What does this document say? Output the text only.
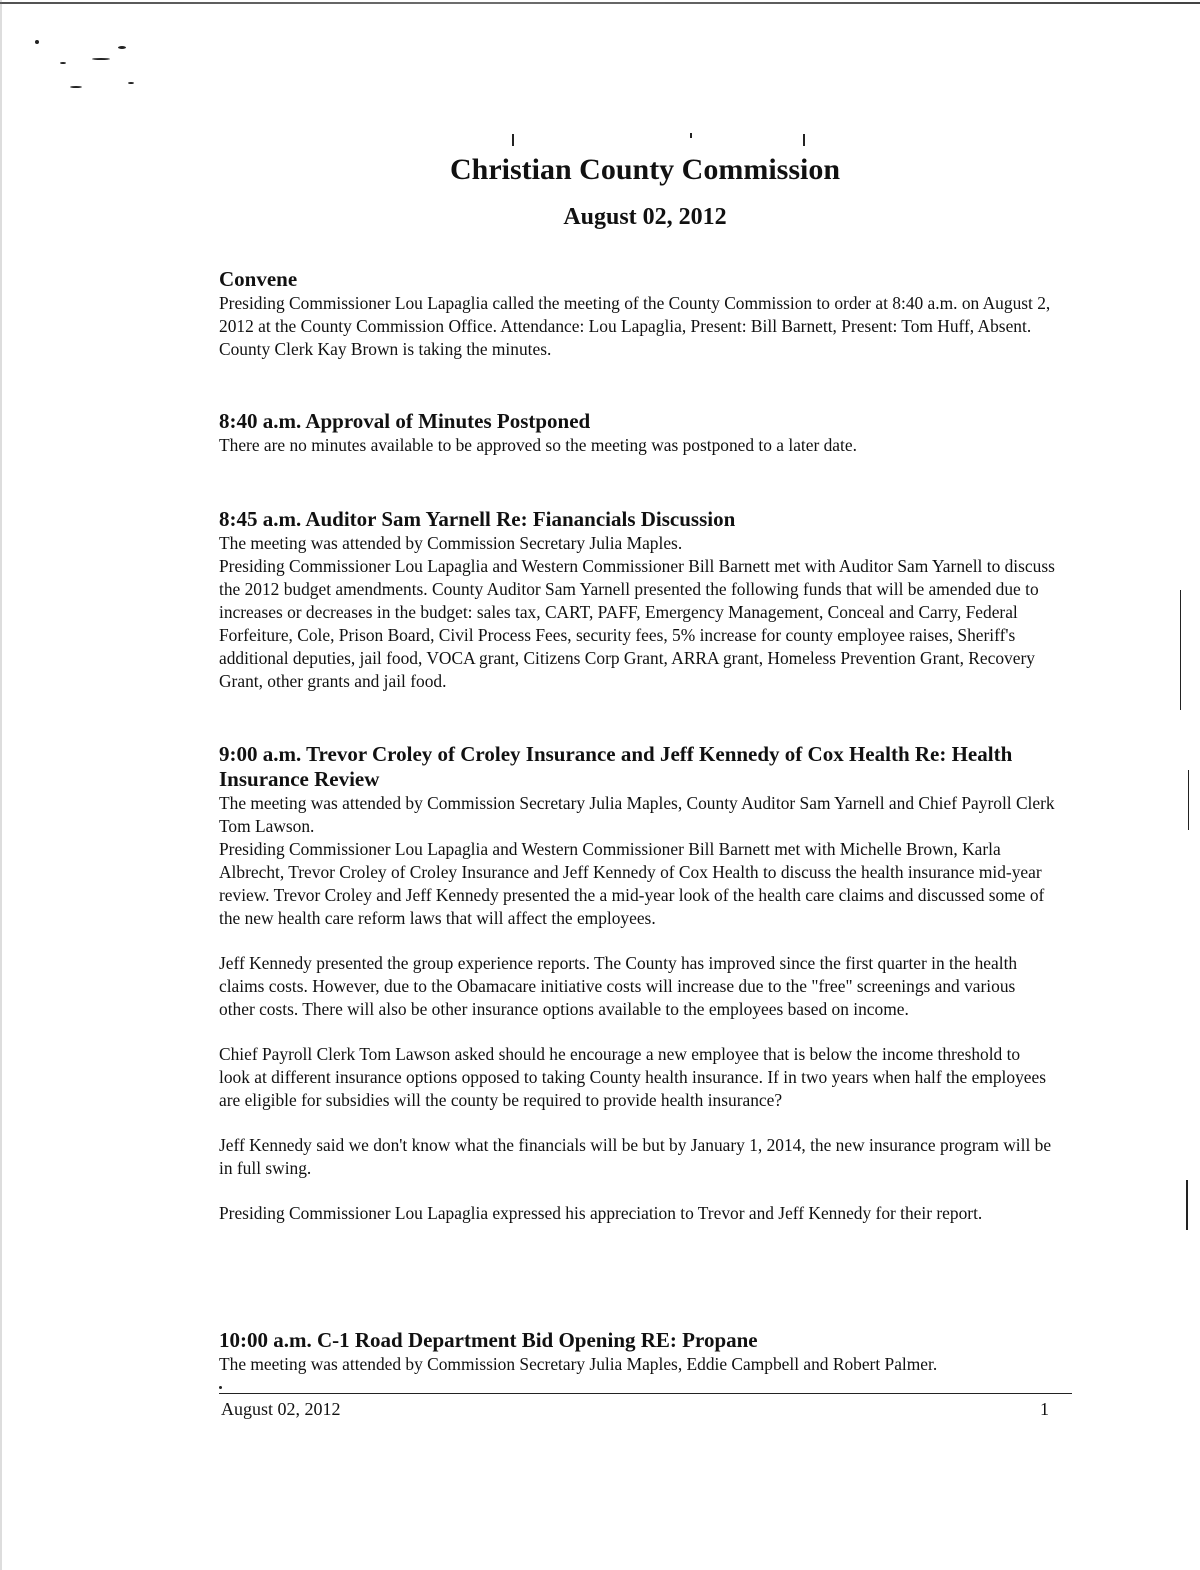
Christian County Commission
August 02, 2012
Convene

Presiding Commissioner Lou Lapaglia called the meeting of the County Commission to order at 8:40 a.m. on August 2, 2012 at the County Commission Office. Attendance: Lou Lapaglia, Present: Bill Barnett, Present: Tom Huff, Absent. County Clerk Kay Brown is taking the minutes.

8:40 a.m. Approval of Minutes Postponed

There are no minutes available to be approved so the meeting was postponed to a later date.

8:45 a.m. Auditor Sam Yarnell Re: Fianancials Discussion

The meeting was attended by Commission Secretary Julia Maples.

Presiding Commissioner Lou Lapaglia and Western Commissioner Bill Barnett met with Auditor Sam Yarnell to discuss the 2012 budget amendments. County Auditor Sam Yarnell presented the following funds that will be amended due to increases or decreases in the budget: sales tax, CART, PAFF, Emergency Management, Conceal and Carry, Federal Forfeiture, Cole, Prison Board, Civil Process Fees, security fees, 5% increase for county employee raises, Sheriff's additional deputies, jail food, VOCA grant, Citizens Corp Grant, ARRA grant, Homeless Prevention Grant, Recovery Grant, other grants and jail food.

9:00 a.m. Trevor Croley of Croley Insurance and Jeff Kennedy of Cox Health Re: Health Insurance Review

The meeting was attended by Commission Secretary Julia Maples, County Auditor Sam Yarnell and Chief Payroll Clerk Tom Lawson.

Presiding Commissioner Lou Lapaglia and Western Commissioner Bill Barnett met with Michelle Brown, Karla Albrecht, Trevor Croley of Croley Insurance and Jeff Kennedy of Cox Health to discuss the health insurance mid-year review. Trevor Croley and Jeff Kennedy presented the a mid-year look of the health care claims and discussed some of the new health care reform laws that will affect the employees.

Jeff Kennedy presented the group experience reports. The County has improved since the first quarter in the health claims costs. However, due to the Obamacare initiative costs will increase due to the "free" screenings and various other costs. There will also be other insurance options available to the employees based on income.

Chief Payroll Clerk Tom Lawson asked should he encourage a new employee that is below the income threshold to look at different insurance options opposed to taking County health insurance. If in two years when half the employees are eligible for subsidies will the county be required to provide health insurance?

Jeff Kennedy said we don't know what the financials will be but by January 1, 2014, the new insurance program will be in full swing.

Presiding Commissioner Lou Lapaglia expressed his appreciation to Trevor and Jeff Kennedy for their report.

10:00 a.m. C-1 Road Department Bid Opening RE: Propane

The meeting was attended by Commission Secretary Julia Maples, Eddie Campbell and Robert Palmer.

August 02, 2012	1
